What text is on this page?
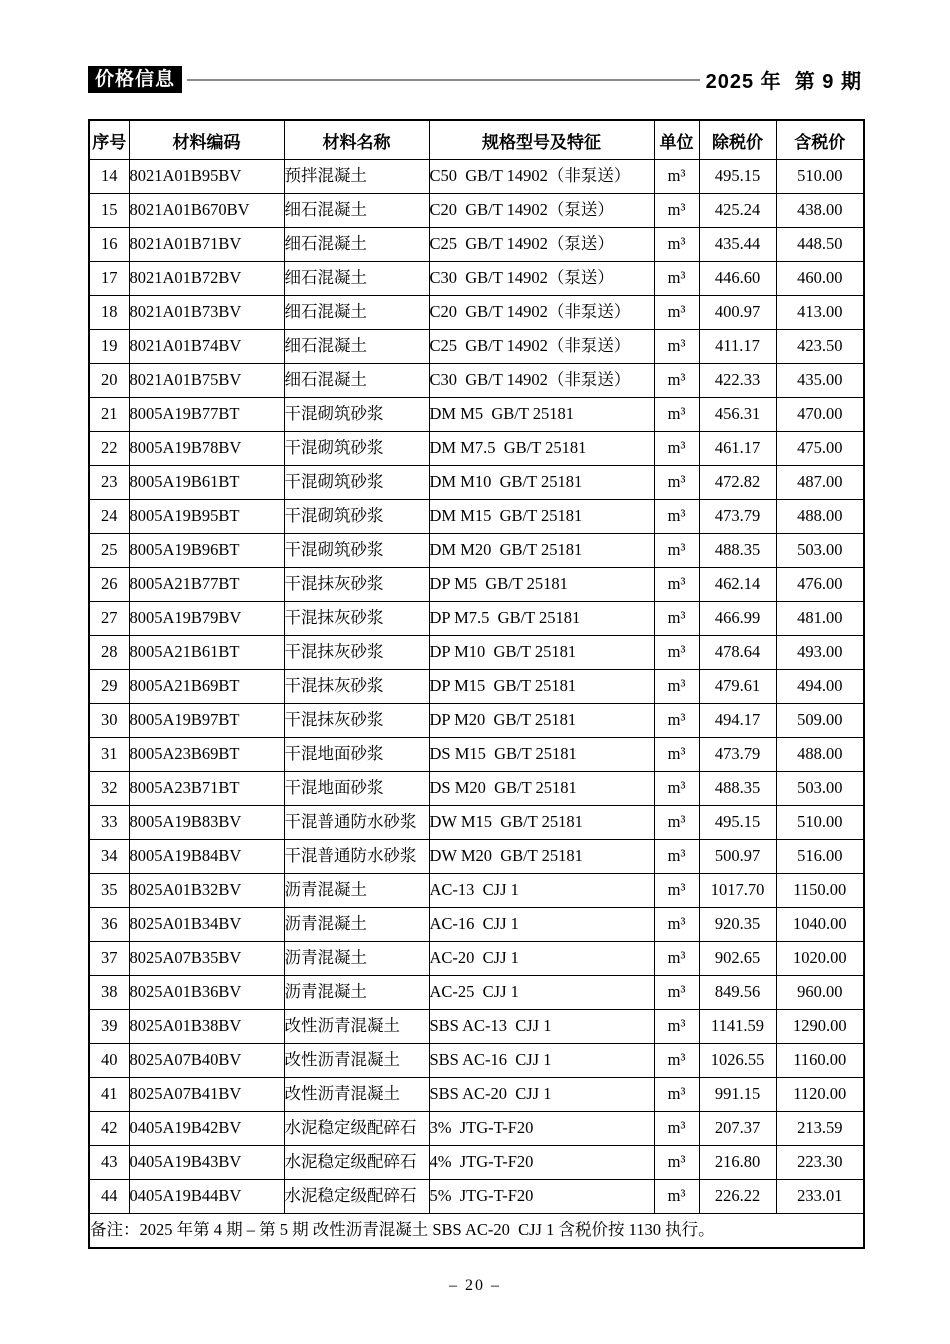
价格信息	2025 年  第 9 期
序号	材料编码	材料名称	规格型号及特征	单位	除税价	含税价
14	8021A01B95BV	预拌混凝土	C50  GB/T 14902（非泵送）	m³	495.15	510.00
15	8021A01B670BV	细石混凝土	C20  GB/T 14902（泵送）	m³	425.24	438.00
16	8021A01B71BV	细石混凝土	C25  GB/T 14902（泵送）	m³	435.44	448.50
17	8021A01B72BV	细石混凝土	C30  GB/T 14902（泵送）	m³	446.60	460.00
18	8021A01B73BV	细石混凝土	C20  GB/T 14902（非泵送）	m³	400.97	413.00
19	8021A01B74BV	细石混凝土	C25  GB/T 14902（非泵送）	m³	411.17	423.50
20	8021A01B75BV	细石混凝土	C30  GB/T 14902（非泵送）	m³	422.33	435.00
21	8005A19B77BT	干混砌筑砂浆	DM M5  GB/T 25181	m³	456.31	470.00
22	8005A19B78BV	干混砌筑砂浆	DM M7.5  GB/T 25181	m³	461.17	475.00
23	8005A19B61BT	干混砌筑砂浆	DM M10  GB/T 25181	m³	472.82	487.00
24	8005A19B95BT	干混砌筑砂浆	DM M15  GB/T 25181	m³	473.79	488.00
25	8005A19B96BT	干混砌筑砂浆	DM M20  GB/T 25181	m³	488.35	503.00
26	8005A21B77BT	干混抹灰砂浆	DP M5  GB/T 25181	m³	462.14	476.00
27	8005A19B79BV	干混抹灰砂浆	DP M7.5  GB/T 25181	m³	466.99	481.00
28	8005A21B61BT	干混抹灰砂浆	DP M10  GB/T 25181	m³	478.64	493.00
29	8005A21B69BT	干混抹灰砂浆	DP M15  GB/T 25181	m³	479.61	494.00
30	8005A19B97BT	干混抹灰砂浆	DP M20  GB/T 25181	m³	494.17	509.00
31	8005A23B69BT	干混地面砂浆	DS M15  GB/T 25181	m³	473.79	488.00
32	8005A23B71BT	干混地面砂浆	DS M20  GB/T 25181	m³	488.35	503.00
33	8005A19B83BV	干混普通防水砂浆	DW M15  GB/T 25181	m³	495.15	510.00
34	8005A19B84BV	干混普通防水砂浆	DW M20  GB/T 25181	m³	500.97	516.00
35	8025A01B32BV	沥青混凝土	AC-13  CJJ 1	m³	1017.70	1150.00
36	8025A01B34BV	沥青混凝土	AC-16  CJJ 1	m³	920.35	1040.00
37	8025A07B35BV	沥青混凝土	AC-20  CJJ 1	m³	902.65	1020.00
38	8025A01B36BV	沥青混凝土	AC-25  CJJ 1	m³	849.56	960.00
39	8025A01B38BV	改性沥青混凝土	SBS AC-13  CJJ 1	m³	1141.59	1290.00
40	8025A07B40BV	改性沥青混凝土	SBS AC-16  CJJ 1	m³	1026.55	1160.00
41	8025A07B41BV	改性沥青混凝土	SBS AC-20  CJJ 1	m³	991.15	1120.00
42	0405A19B42BV	水泥稳定级配碎石	3%  JTG-T-F20	m³	207.37	213.59
43	0405A19B43BV	水泥稳定级配碎石	4%  JTG-T-F20	m³	216.80	223.30
44	0405A19B44BV	水泥稳定级配碎石	5%  JTG-T-F20	m³	226.22	233.01
备注：2025 年第 4 期 – 第 5 期 改性沥青混凝土 SBS AC-20  CJJ 1 含税价按 1130 执行。						
– 20 –
